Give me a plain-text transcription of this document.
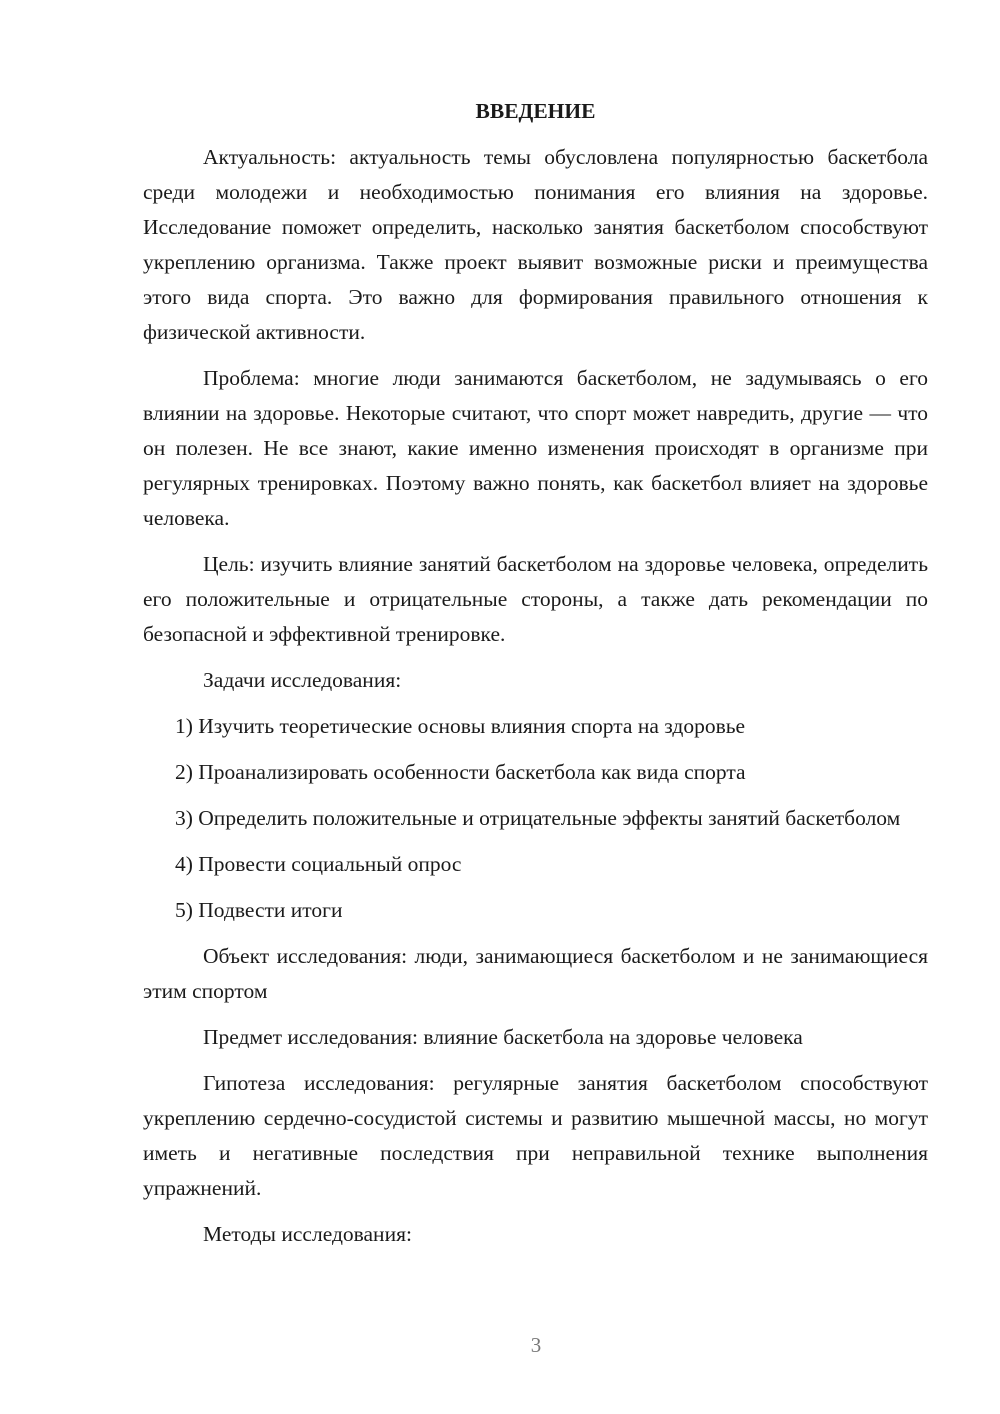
ВВЕДЕНИЕ

Актуальность: актуальность темы обусловлена популярностью баскетбола среди молодежи и необходимостью понимания его влияния на здоровье. Исследование поможет определить, насколько занятия баскетболом способствуют укреплению организма. Также проект выявит возможные риски и преимущества этого вида спорта. Это важно для формирования правильного отношения к физической активности.

Проблема: многие люди занимаются баскетболом, не задумываясь о его влиянии на здоровье. Некоторые считают, что спорт может навредить, другие — что он полезен. Не все знают, какие именно изменения происходят в организме при регулярных тренировках. Поэтому важно понять, как баскетбол влияет на здоровье человека.

Цель: изучить влияние занятий баскетболом на здоровье человека, определить его положительные и отрицательные стороны, а также дать рекомендации по безопасной и эффективной тренировке.

Задачи исследования:

1) Изучить теоретические основы влияния спорта на здоровье

2) Проанализировать особенности баскетбола как вида спорта

3) Определить положительные и отрицательные эффекты занятий баскетболом

4) Провести социальный опрос

5) Подвести итоги

Объект исследования: люди, занимающиеся баскетболом и не занимающиеся этим спортом

Предмет исследования: влияние баскетбола на здоровье человека

Гипотеза исследования: регулярные занятия баскетболом способствуют укреплению сердечно-сосудистой системы и развитию мышечной массы, но могут иметь и негативные последствия при неправильной технике выполнения упражнений.

Методы исследования:

3
